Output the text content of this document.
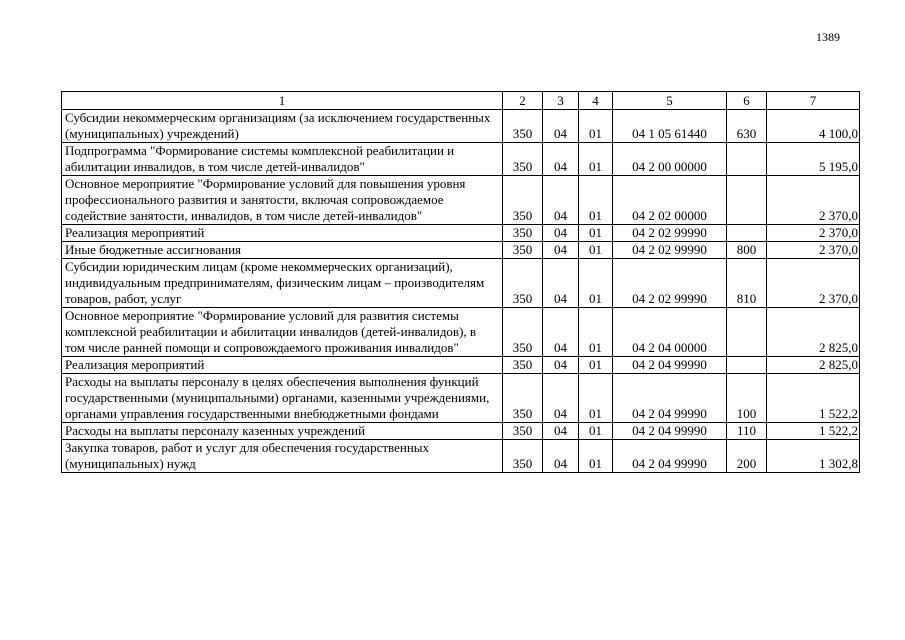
1389
1	2	3	4	5	6	7
Субсидии некоммерческим организациям (за исключением государственных (муниципальных) учреждений)	350	04	01	04 1 05 61440	630	4 100,0
Подпрограмма "Формирование системы комплексной реабилитации и абилитации инвалидов, в том числе детей-инвалидов"	350	04	01	04 2 00 00000		5 195,0
Основное мероприятие "Формирование условий для повышения уровня профессионального развития и занятости, включая сопровождаемое содействие занятости, инвалидов, в том числе детей-инвалидов"	350	04	01	04 2 02 00000		2 370,0
Реализация мероприятий	350	04	01	04 2 02 99990		2 370,0
Иные бюджетные ассигнования	350	04	01	04 2 02 99990	800	2 370,0
Субсидии юридическим лицам (кроме некоммерческих организаций), индивидуальным предпринимателям, физическим лицам – производителям товаров, работ, услуг	350	04	01	04 2 02 99990	810	2 370,0
Основное мероприятие "Формирование условий для развития системы комплексной реабилитации и абилитации инвалидов (детей-инвалидов), в том числе ранней помощи и сопровождаемого проживания инвалидов"	350	04	01	04 2 04 00000		2 825,0
Реализация мероприятий	350	04	01	04 2 04 99990		2 825,0
Расходы на выплаты персоналу в целях обеспечения выполнения функций государственными (муниципальными) органами, казенными учреждениями, органами управления государственными внебюджетными фондами	350	04	01	04 2 04 99990	100	1 522,2
Расходы на выплаты персоналу казенных учреждений	350	04	01	04 2 04 99990	110	1 522,2
Закупка товаров, работ и услуг для обеспечения государственных (муниципальных) нужд	350	04	01	04 2 04 99990	200	1 302,8
